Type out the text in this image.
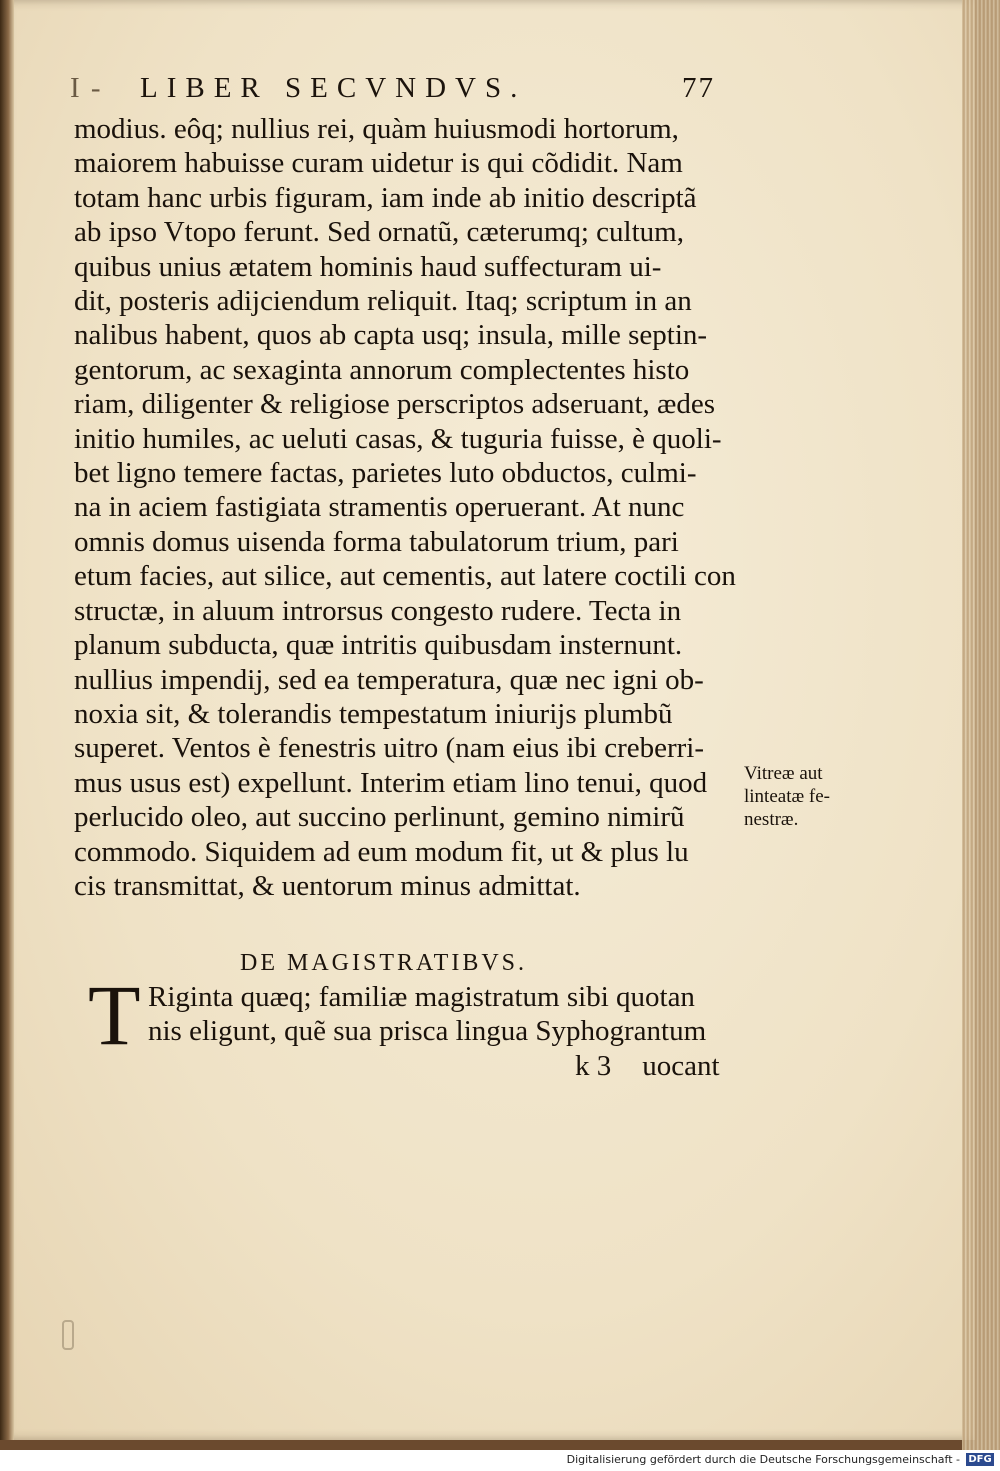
I - LIBER SECVNDVS.	77
modius. eôq; nullius rei, quàm huiusmodi hortorum,
maiorem habuisse curam uidetur is qui cõdidit. Nam
totam hanc urbis figuram, iam inde ab initio descriptã
ab ipso Vtopo ferunt. Sed ornatũ, cæterumq; cultum,
quibus unius ætatem hominis haud suffecturam ui-
dit, posteris adijciendum reliquit. Itaq; scriptum in an
nalibus habent, quos ab capta usq; insula, mille septin-
gentorum, ac sexaginta annorum complectentes histo
riam, diligenter & religiose perscriptos adseruant, ædes
initio humiles, ac ueluti casas, & tuguria fuisse, è quoli-
bet ligno temere factas, parietes luto obductos, culmi-
na in aciem fastigiata stramentis operuerant. At nunc
omnis domus uisenda forma tabulatorum trium, pari
etum facies, aut silice, aut cementis, aut latere coctili con
structæ, in aluum introrsus congesto rudere. Tecta in
planum subducta, quæ intritis quibusdam insternunt.
nullius impendij, sed ea temperatura, quæ nec igni ob-
noxia sit, & tolerandis tempestatum iniurijs plumbũ
superet. Ventos è fenestris uitro (nam eius ibi creberri-
mus usus est) expellunt. Interim etiam lino tenui, quod
perlucido oleo, aut succino perlinunt, gemino nimirũ
commodo. Siquidem ad eum modum fit, ut & plus lu
cis transmittat, & uentorum minus admittat.
Vitreæ aut
linteatæ fe-
nestræ.
DE MAGISTRATIBVS.
T Riginta quæq; familiæ magistratum sibi quotan
nis eligunt, quẽ sua prisca lingua Syphograntum
k 3 uocant
Digitalisierung gefördert durch die Deutsche Forschungsgemeinschaft - DFG
